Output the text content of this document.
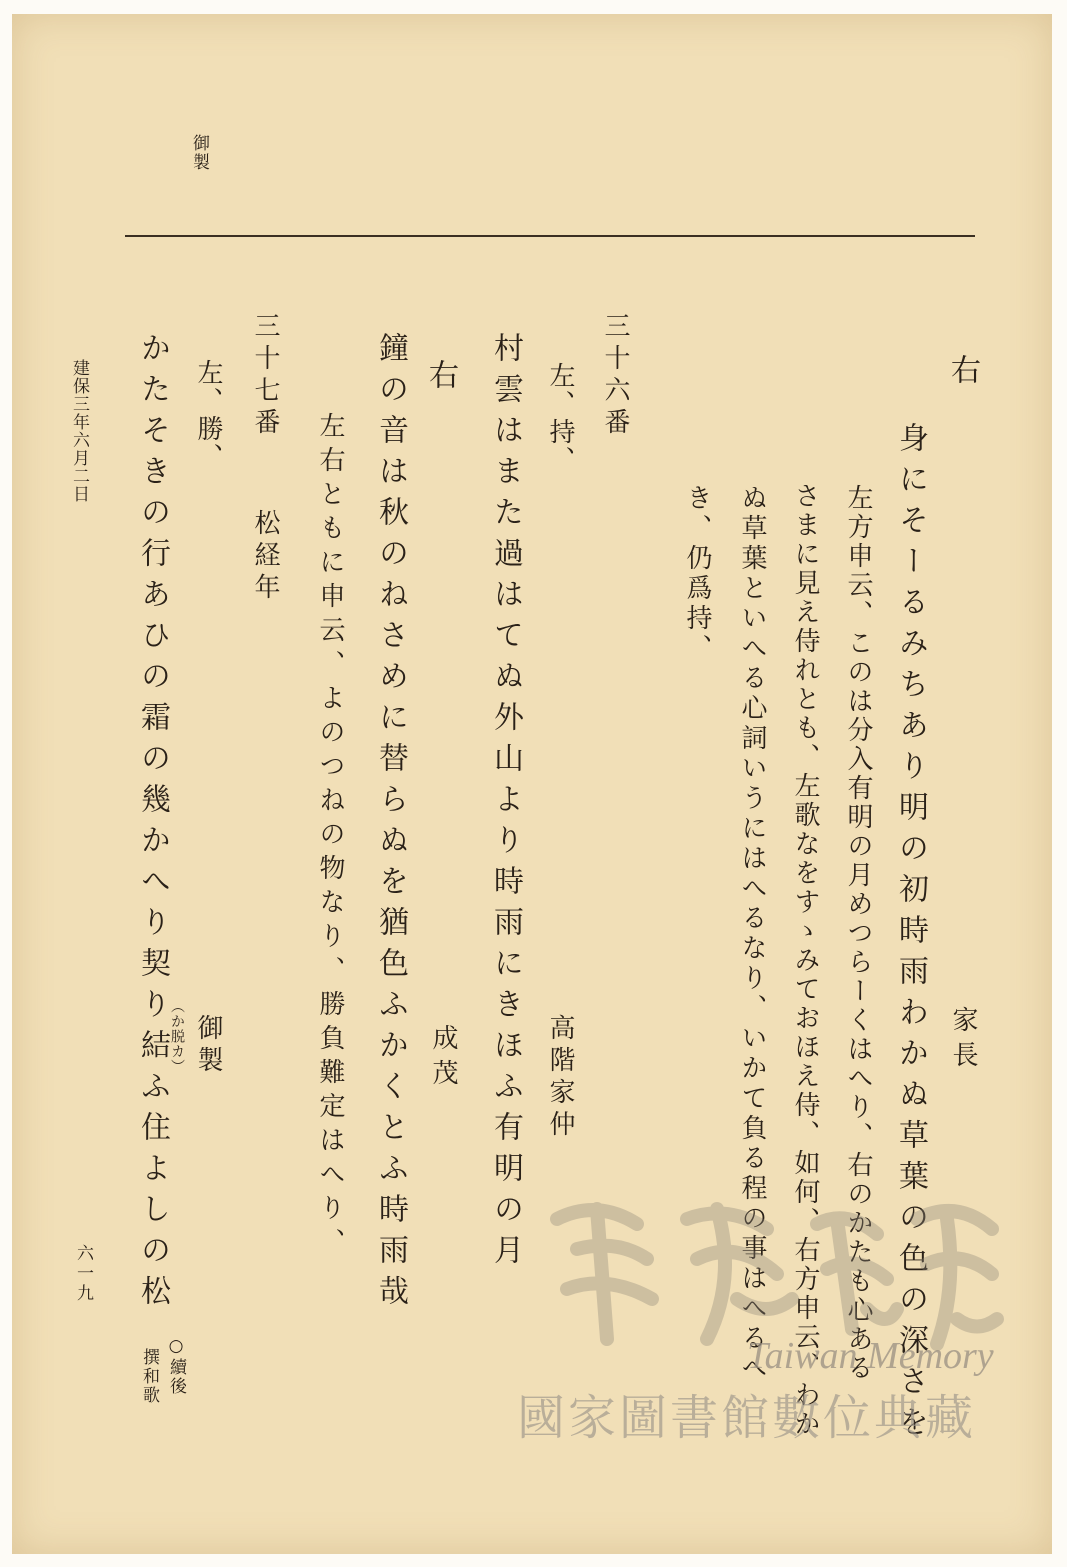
御製
右
家長
身にそーるみちあり明の初時雨わかぬ草葉の色の深さを
左方申云、このは分入有明の月めつらーくはへり、右のかたも心ある
さまに見え侍れとも、左歌なをすゝみておほえ侍、如何、右方申云、わか
ぬ草葉といへる心詞いうにはへるなり、いかて負る程の事はへるへ
き、仍爲持、
三十六番
左、持、
高階家仲
村雲はまた過はてぬ外山より時雨にきほふ有明の月
右
成茂
鐘の音は秋のねさめに替らぬを猶色ふかくとふ時雨哉
左右ともに申云、よのつねの物なり、勝負難定はへり、
三十七番
松経年
左、勝、
御製
（か脱カ）
かたそきの行あひの霜の幾かへり契り結ふ住よしの松
○續後
撰和歌
建保三年六月二日
六一九
Taiwan Memory
國家圖書館數位典藏
